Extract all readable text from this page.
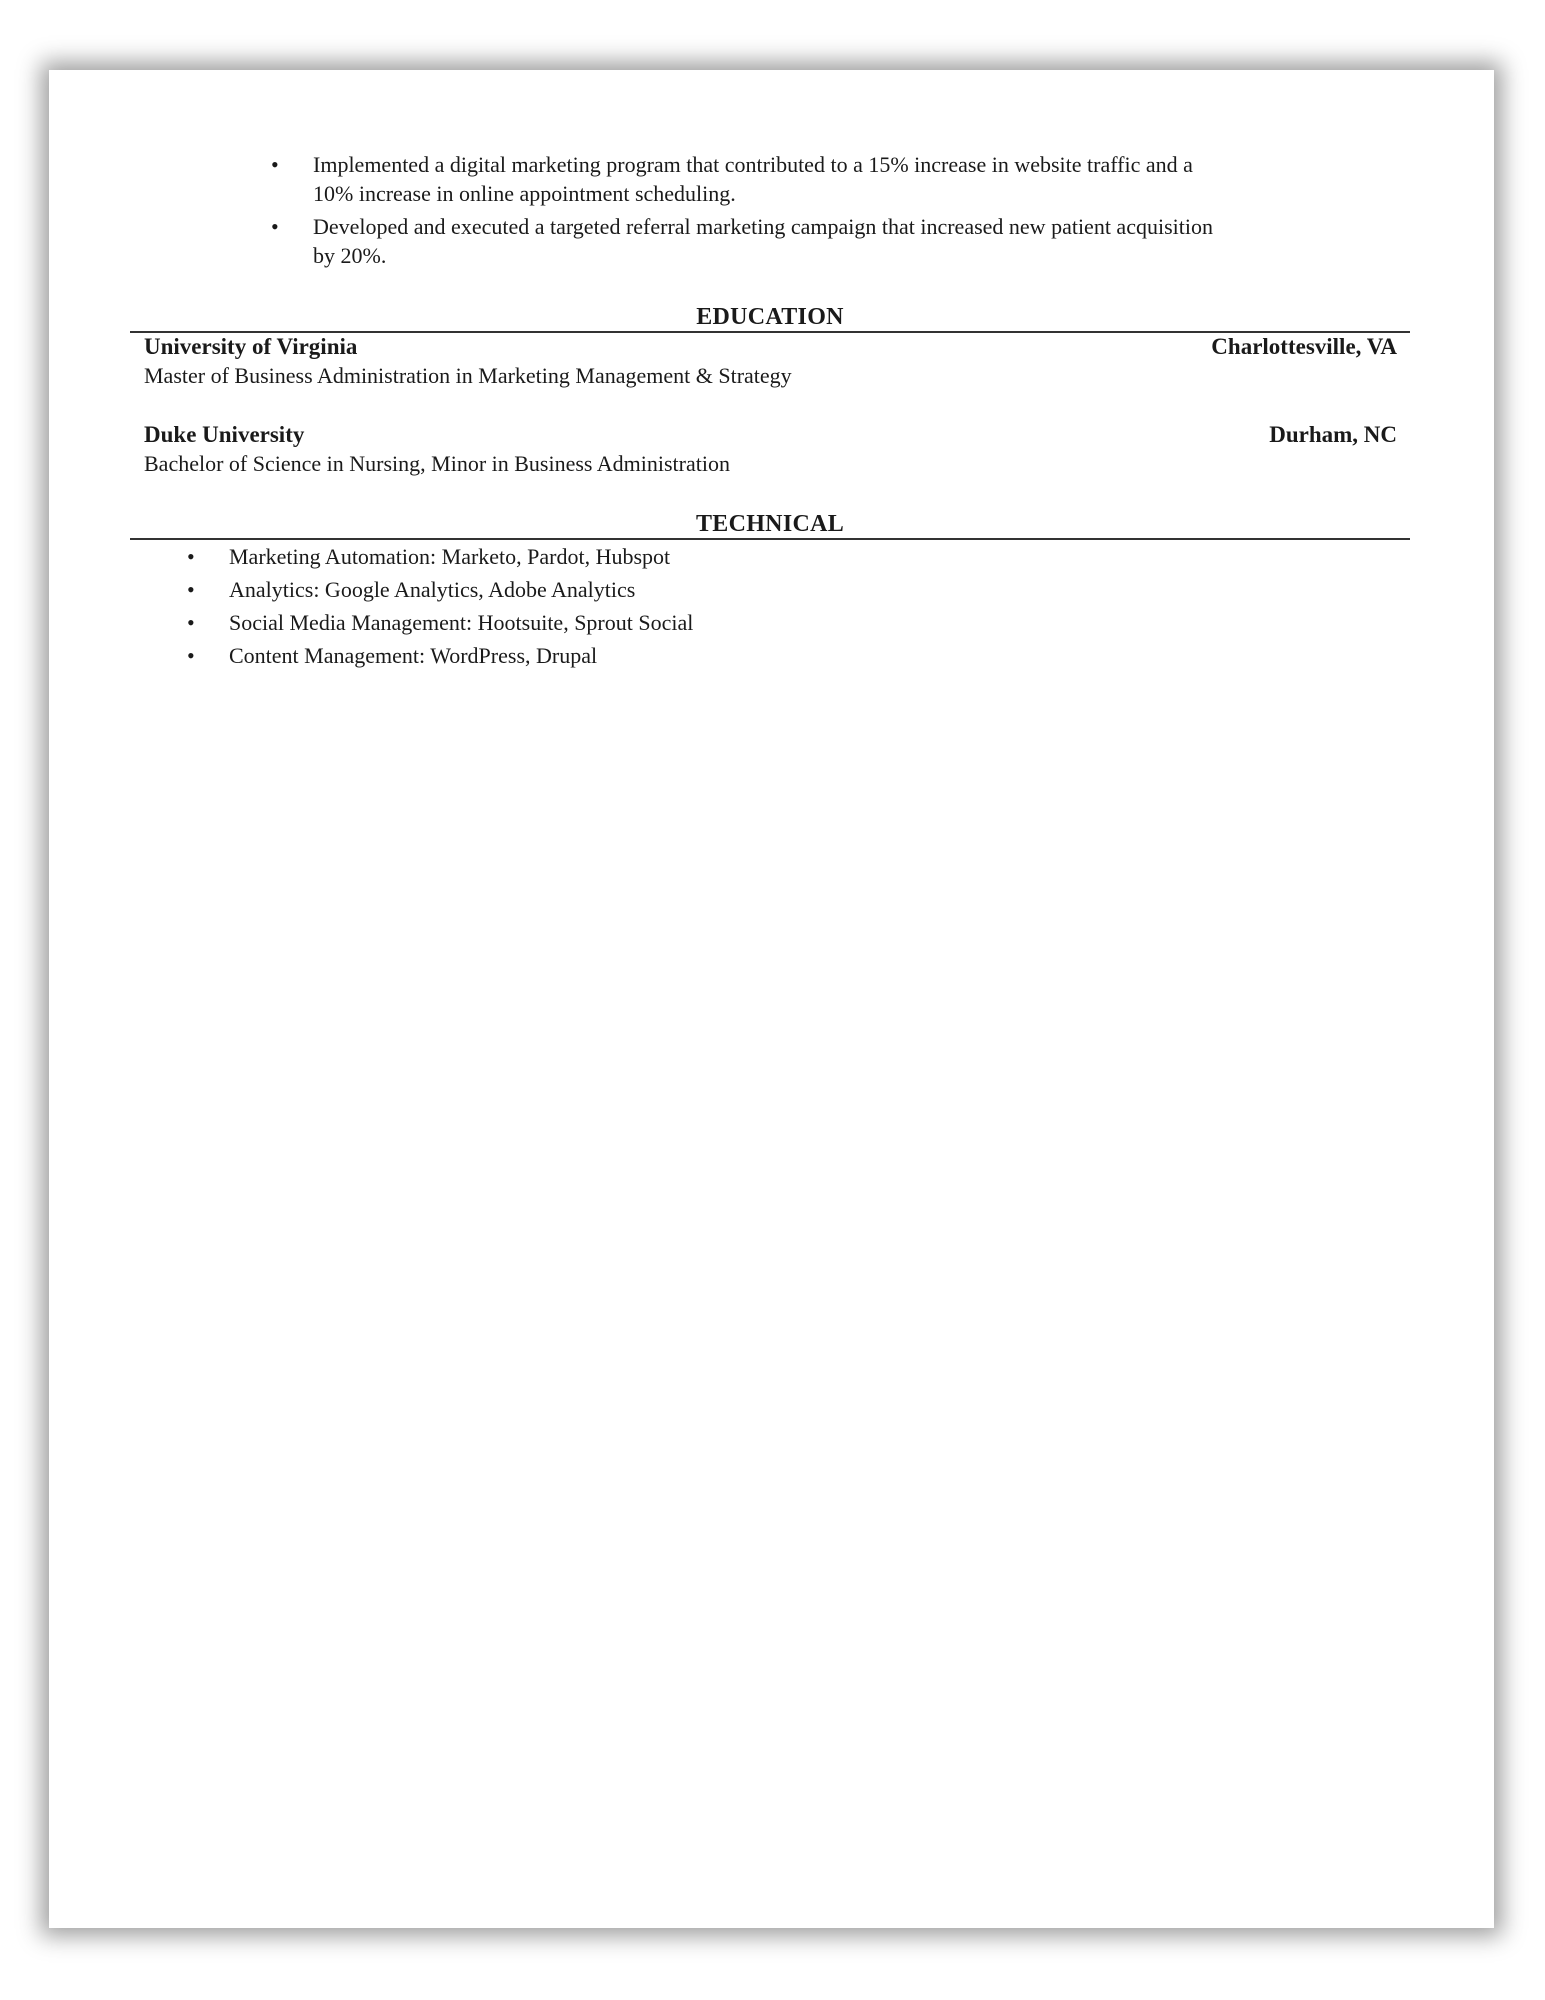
• Implemented a digital marketing program that contributed to a 15% increase in website traffic and a
10% increase in online appointment scheduling.
• Developed and executed a targeted referral marketing campaign that increased new patient acquisition
by 20%.
EDUCATION
University of Virginia	Charlottesville, VA
Master of Business Administration in Marketing Management & Strategy
Duke University	Durham, NC
Bachelor of Science in Nursing, Minor in Business Administration
TECHNICAL
• Marketing Automation: Marketo, Pardot, Hubspot
• Analytics: Google Analytics, Adobe Analytics
• Social Media Management: Hootsuite, Sprout Social
• Content Management: WordPress, Drupal
